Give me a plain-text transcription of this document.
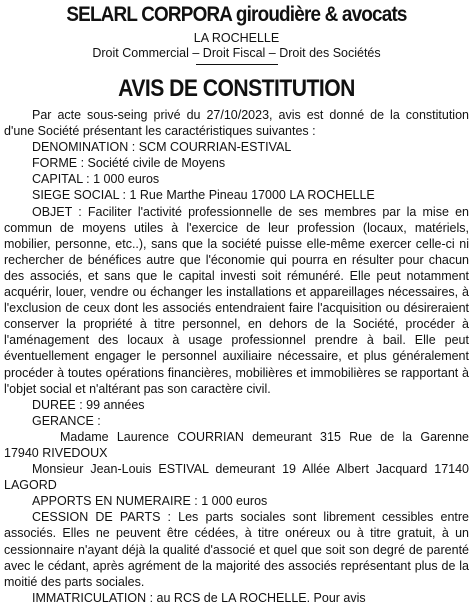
SELARL CORPORA giroudière & avocats
LA ROCHELLE
Droit Commercial – Droit Fiscal – Droit des Sociétés
AVIS DE CONSTITUTION

Par acte sous-seing privé du 27/10/2023, avis est donné de la constitution d'une Société présentant les caractéristiques suivantes :

DENOMINATION : SCM COURRIAN-ESTIVAL

FORME : Société civile de Moyens

CAPITAL : 1 000 euros

SIEGE SOCIAL : 1 Rue Marthe Pineau 17000 LA ROCHELLE

OBJET : Faciliter l'activité professionnelle de ses membres par la mise en commun de moyens utiles à l'exercice de leur profession (locaux, matériels, mobilier, personne, etc..), sans que la société puisse elle-même exercer celle-ci ni rechercher de bénéfices autre que l'économie qui pourra en résulter pour chacun des associés, et sans que le capital investi soit rémunéré. Elle peut notamment acquérir, louer, vendre ou échanger les installations et appareillages nécessaires, à l'exclusion de ceux dont les associés entendraient faire l'acquisition ou désireraient conserver la propriété à titre personnel, en dehors de la Société, procéder à l'aménagement des locaux à usage professionnel prendre à bail. Elle peut éventuellement engager le personnel auxiliaire nécessaire, et plus généralement procéder à toutes opérations financières, mobilières et immobilières se rapportant à l'objet social et n'altérant pas son caractère civil.

DUREE : 99 années

GERANCE :

Madame Laurence COURRIAN demeurant 315 Rue de la Garenne 17940 RIVEDOUX

Monsieur Jean-Louis ESTIVAL demeurant 19 Allée Albert Jacquard 17140 LAGORD

APPORTS EN NUMERAIRE : 1 000 euros

CESSION DE PARTS : Les parts sociales sont librement cessibles entre associés. Elles ne peuvent être cédées, à titre onéreux ou à titre gratuit, à un cessionnaire n'ayant déjà la qualité d'associé et quel que soit son degré de parenté avec le cédant, après agrément de la majorité des associés représentant plus de la moitié des parts sociales.

IMMATRICULATION : au RCS de LA ROCHELLE. Pour avis
